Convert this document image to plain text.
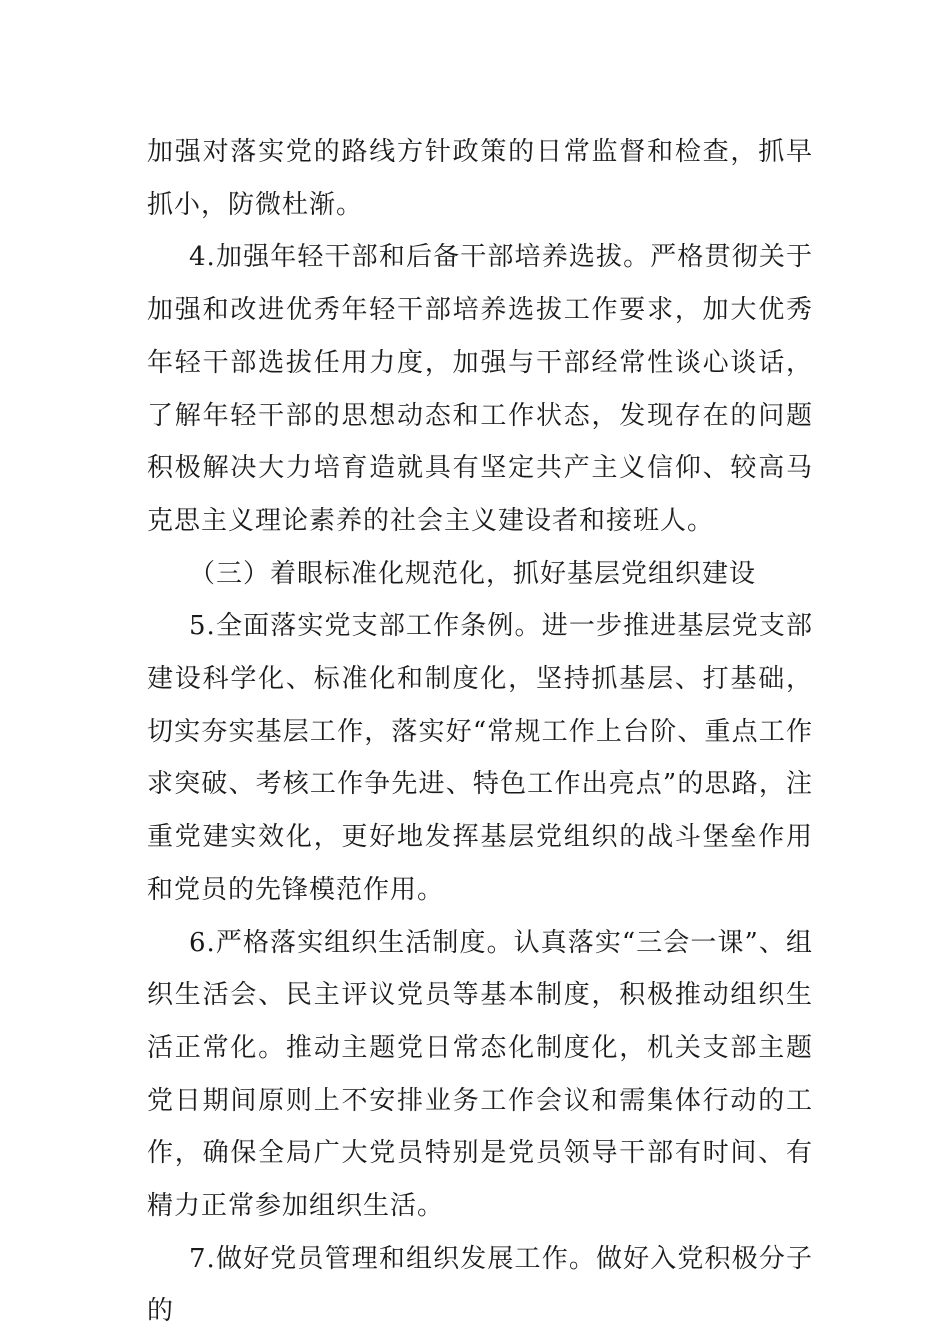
加强对落实党的路线方针政策的日常监督和检查，抓早抓小，防微杜渐。

4.加强年轻干部和后备干部培养选拔。严格贯彻关于加强和改进优秀年轻干部培养选拔工作要求，加大优秀年轻干部选拔任用力度，加强与干部经常性谈心谈话，了解年轻干部的思想动态和工作状态，发现存在的问题积极解决大力培育造就具有坚定共产主义信仰、较高马克思主义理论素养的社会主义建设者和接班人。

（三）着眼标准化规范化，抓好基层党组织建设

5.全面落实党支部工作条例。进一步推进基层党支部建设科学化、标准化和制度化，坚持抓基层、打基础，切实夯实基层工作，落实好“常规工作上台阶、重点工作求突破、考核工作争先进、特色工作出亮点”的思路，注重党建实效化，更好地发挥基层党组织的战斗堡垒作用和党员的先锋模范作用。

6.严格落实组织生活制度。认真落实“三会一课”、组织生活会、民主评议党员等基本制度，积极推动组织生活正常化。推动主题党日常态化制度化，机关支部主题党日期间原则上不安排业务工作会议和需集体行动的工作，确保全局广大党员特别是党员领导干部有时间、有精力正常参加组织生活。

7.做好党员管理和组织发展工作。做好入党积极分子的
